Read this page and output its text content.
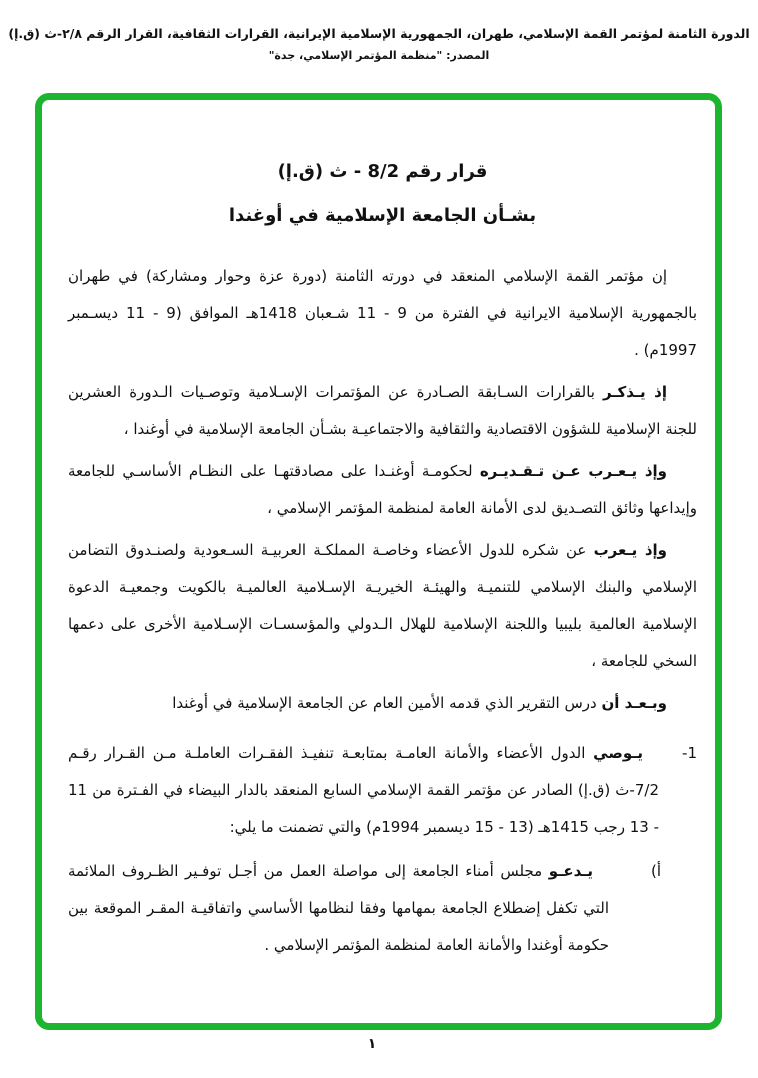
الدورة الثامنة لمؤتمر القمة الإسلامي، طهران، الجمهورية الإسلامية الإيرانية، القرارات الثقافية، القرار الرقم ٢/٨-ث (ق.إ)
المصدر: "منظمة المؤتمر الإسلامي، جدة"
قرار رقم 8/2 - ث (ق.إ)
بشـأن الجامعة الإسلامية في أوغندا

إن مؤتمر القمة الإسلامي المنعقد في دورته الثامنة (دورة عزة وحوار ومشاركة) في طهران بالجمهورية الإسلامية الايرانية في الفترة من 9 - 11 شـعبان 1418هـ الموافق (9 - 11 ديسـمبر 1997م) .

إذ يـذكـر بالقرارات السـابقة الصـادرة عن المؤتمرات الإسـلامية وتوصـيات الـدورة العشرين للجنة الإسلامية للشؤون الاقتصادية والثقافية والاجتماعيـة بشـأن الجامعة الإسلامية في أوغندا ،

وإذ يـعـرب عـن تـقـديـره لحكومـة أوغنـدا على مصادقتهـا على النظـام الأساسـي للجامعة وإيداعها وثائق التصـديق لدى الأمانة العامة لمنظمة المؤتمر الإسلامي ،

وإذ يـعرب عن شكره للدول الأعضاء وخاصـة المملكـة العربيـة السـعودية ولصنـدوق التضامن الإسلامي والبنك الإسلامي للتنميـة والهيئـة الخيريـة الإسـلامية العالميـة بالكويت وجمعيـة الدعوة الإسلامية العالمية بليبيا واللجنة الإسلامية للهلال الـدولي والمؤسسـات الإسـلامية الأخرى على دعمها السخي للجامعة ،

وبـعـد أن درس التقرير الذي قدمه الأمين العام عن الجامعة الإسلامية في أوغندا

1-
يـوصي الدول الأعضاء والأمانة العامـة بمتابعـة تنفيـذ الفقـرات العاملـة مـن القـرار رقـم 7/2-ث (ق.إ) الصادر عن مؤتمر القمة الإسلامي السابع المنعقد بالدار البيضاء في الفـترة من 11 - 13 رجب 1415هـ (13 - 15 ديسمبر 1994م) والتي تضمنت ما يلي:
أ)
يـدعـو مجلس أمناء الجامعة إلى مواصلة العمل من أجـل توفـير الظـروف الملائمة التي تكفل إضطلاع الجامعة بمهامها وفقا لنظامها الأساسي واتفاقيـة المقـر الموقعة بين حكومة أوغندا والأمانة العامة لمنظمة المؤتمر الإسلامي .
١
